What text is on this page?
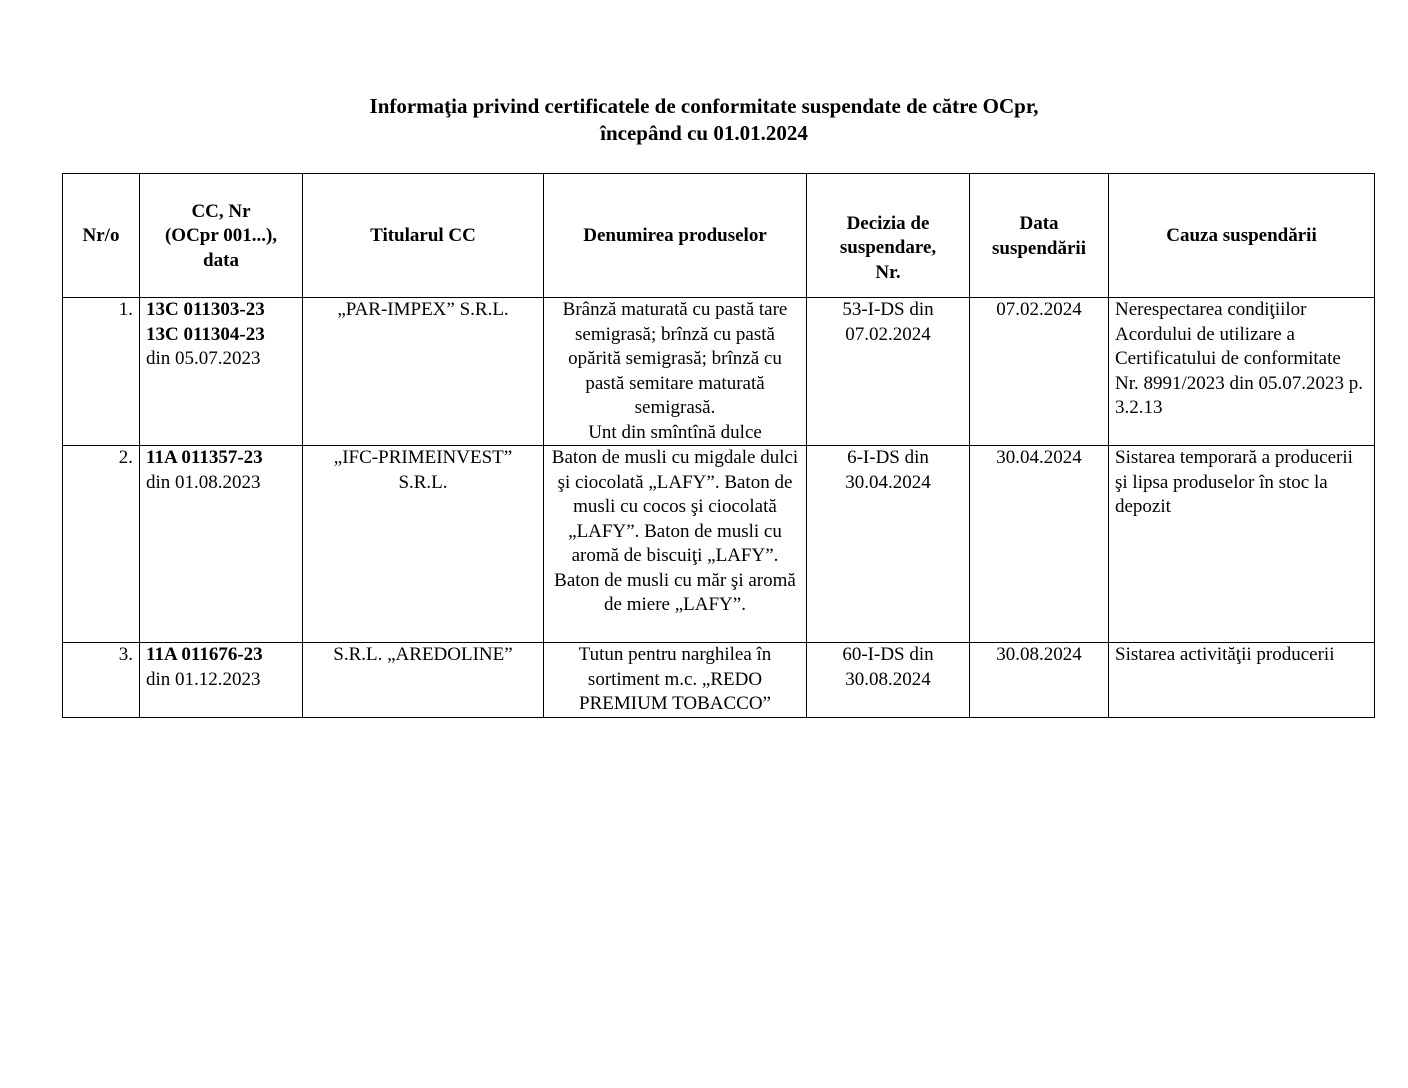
Informaţia privind certificatele de conformitate suspendate de către OCpr,
începând cu 01.01.2024
Nr/o	CC, Nr
(OCpr 001...),
data	Titularul CC	Denumirea produselor	Decizia de
suspendare,
Nr.	Data
suspendării	Cauza suspendării
1.	13C 011303-23
13C 011304-23
din 05.07.2023	„PAR-IMPEX” S.R.L.	Brânză maturată cu pastă tare semigrasă; brînză cu pastă opărită semigrasă; brînză cu pastă semitare maturată semigrasă.
Unt din smîntînă dulce	53-I-DS din 07.02.2024	07.02.2024	Nerespectarea condiţiilor Acordului de utilizare a Certificatului de conformitate Nr. 8991/2023 din 05.07.2023 p. 3.2.13
2.	11A 011357-23
din 01.08.2023	„IFC-PRIMEINVEST” S.R.L.	Baton de musli cu migdale dulci şi ciocolată „LAFY”. Baton de musli cu cocos şi ciocolată „LAFY”. Baton de musli cu aromă de biscuiţi „LAFY”. Baton de musli cu măr şi aromă de miere „LAFY”.	6-I-DS din 30.04.2024	30.04.2024	Sistarea temporară a producerii şi lipsa produselor în stoc la depozit
3.	11A 011676-23
din 01.12.2023	S.R.L. „AREDOLINE”	Tutun pentru narghilea în sortiment m.c. „REDO PREMIUM TOBACCO”	60-I-DS din 30.08.2024	30.08.2024	Sistarea activităţii producerii
